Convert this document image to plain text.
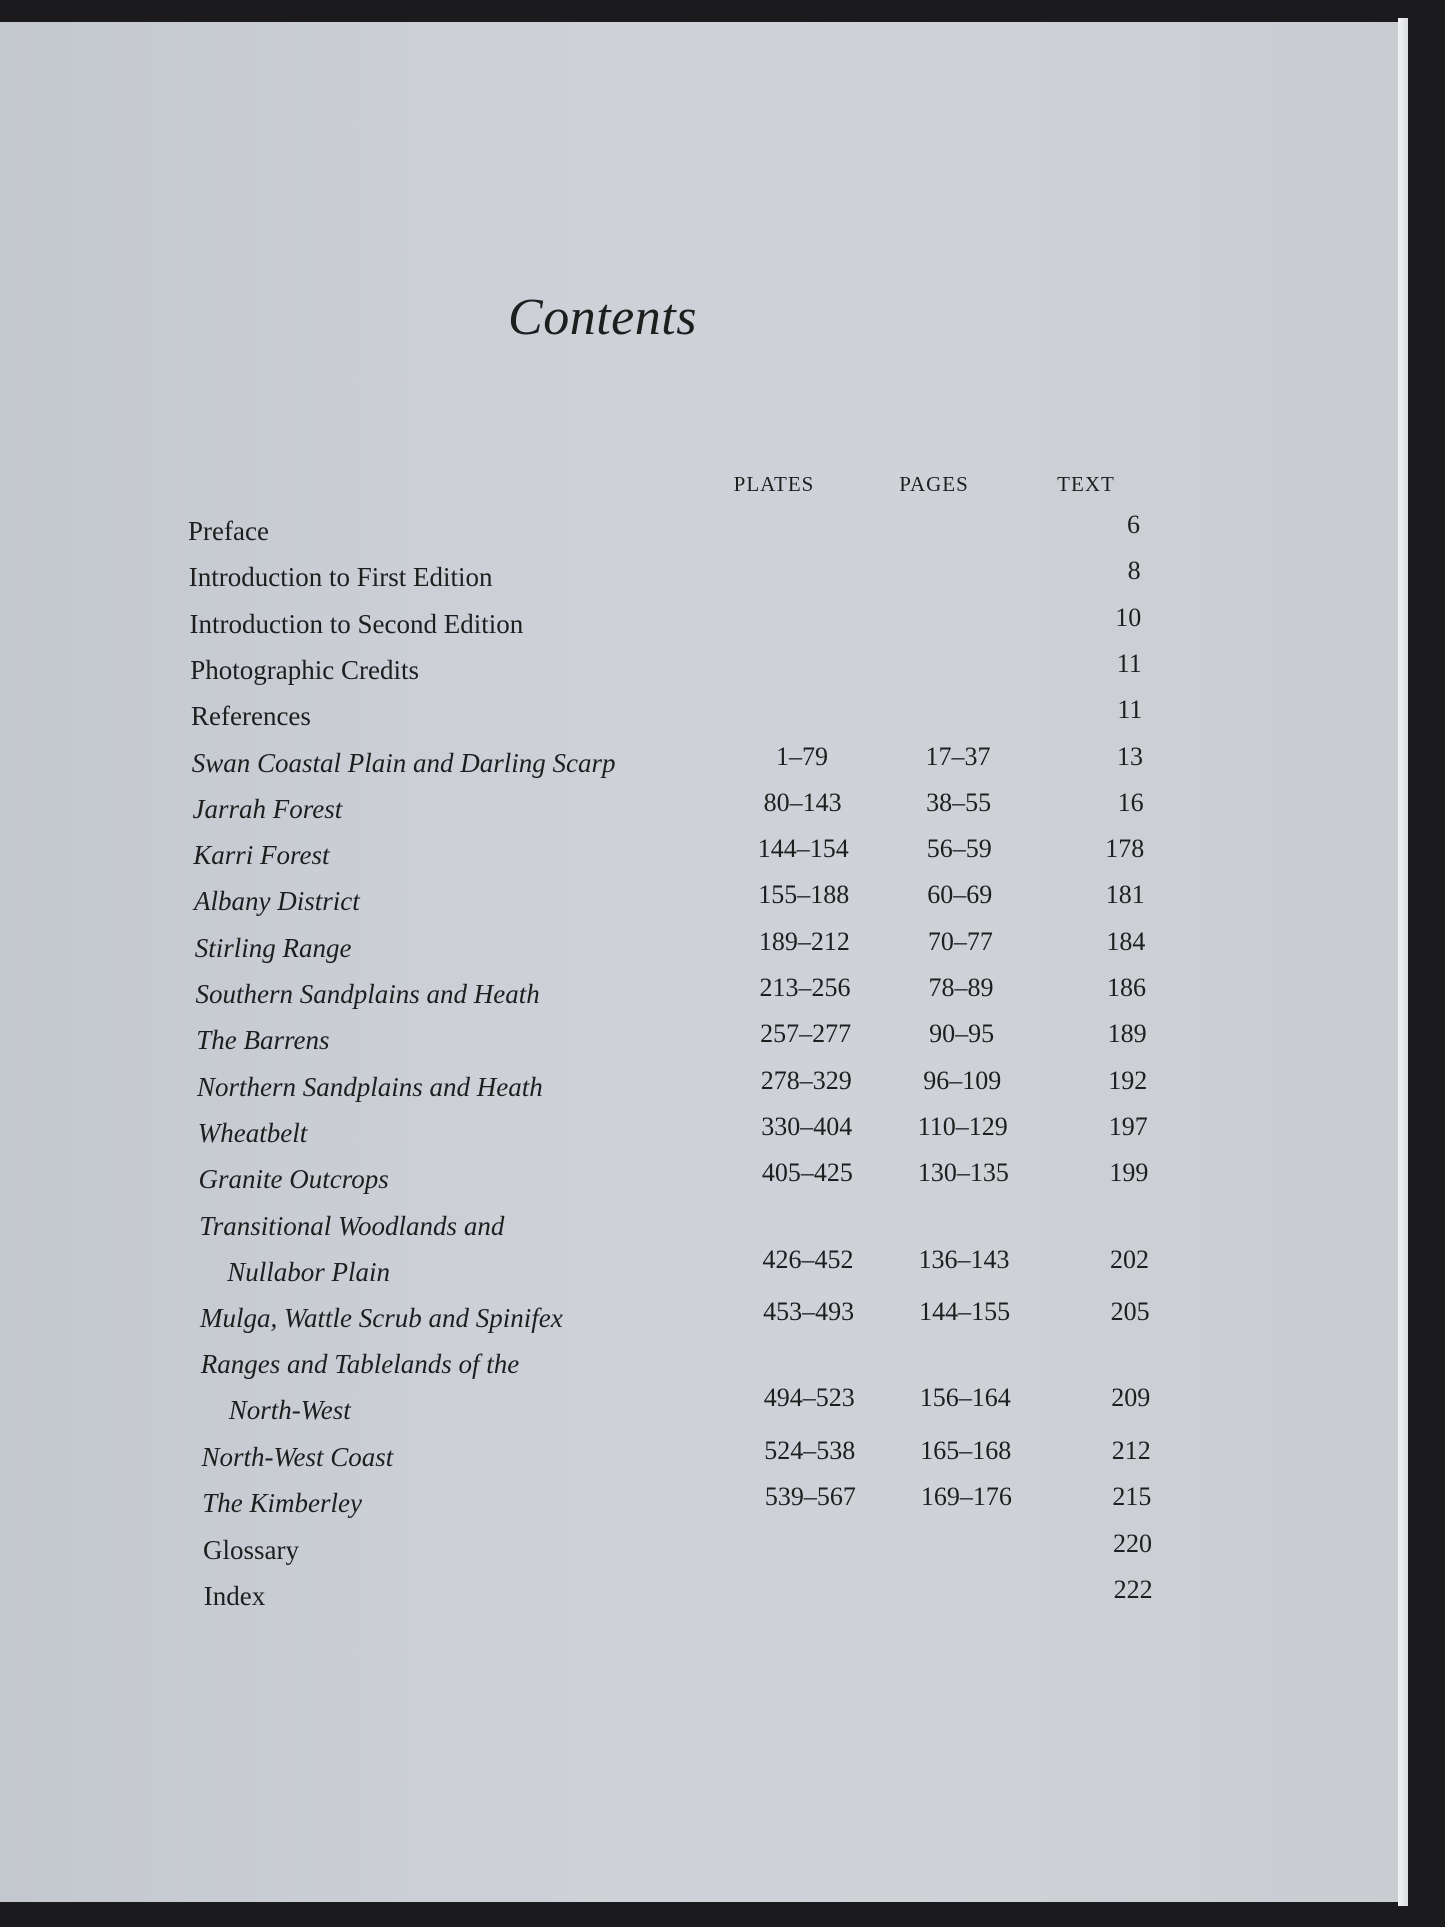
Contents
PLATES	PAGES	TEXT
Preface	6
Introduction to First Edition	8
Introduction to Second Edition	10
Photographic Credits	11
References	11
Swan Coastal Plain and Darling Scarp	1–79	17–37	13
Jarrah Forest	80–143	38–55	16
Karri Forest	144–154	56–59	178
Albany District	155–188	60–69	181
Stirling Range	189–212	70–77	184
Southern Sandplains and Heath	213–256	78–89	186
The Barrens	257–277	90–95	189
Northern Sandplains and Heath	278–329	96–109	192
Wheatbelt	330–404	110–129	197
Granite Outcrops	405–425	130–135	199
Transitional Woodlands and
Nullabor Plain	426–452	136–143	202
Mulga, Wattle Scrub and Spinifex	453–493	144–155	205
Ranges and Tablelands of the
North-West	494–523	156–164	209
North-West Coast	524–538	165–168	212
The Kimberley	539–567	169–176	215
Glossary	220
Index	222
